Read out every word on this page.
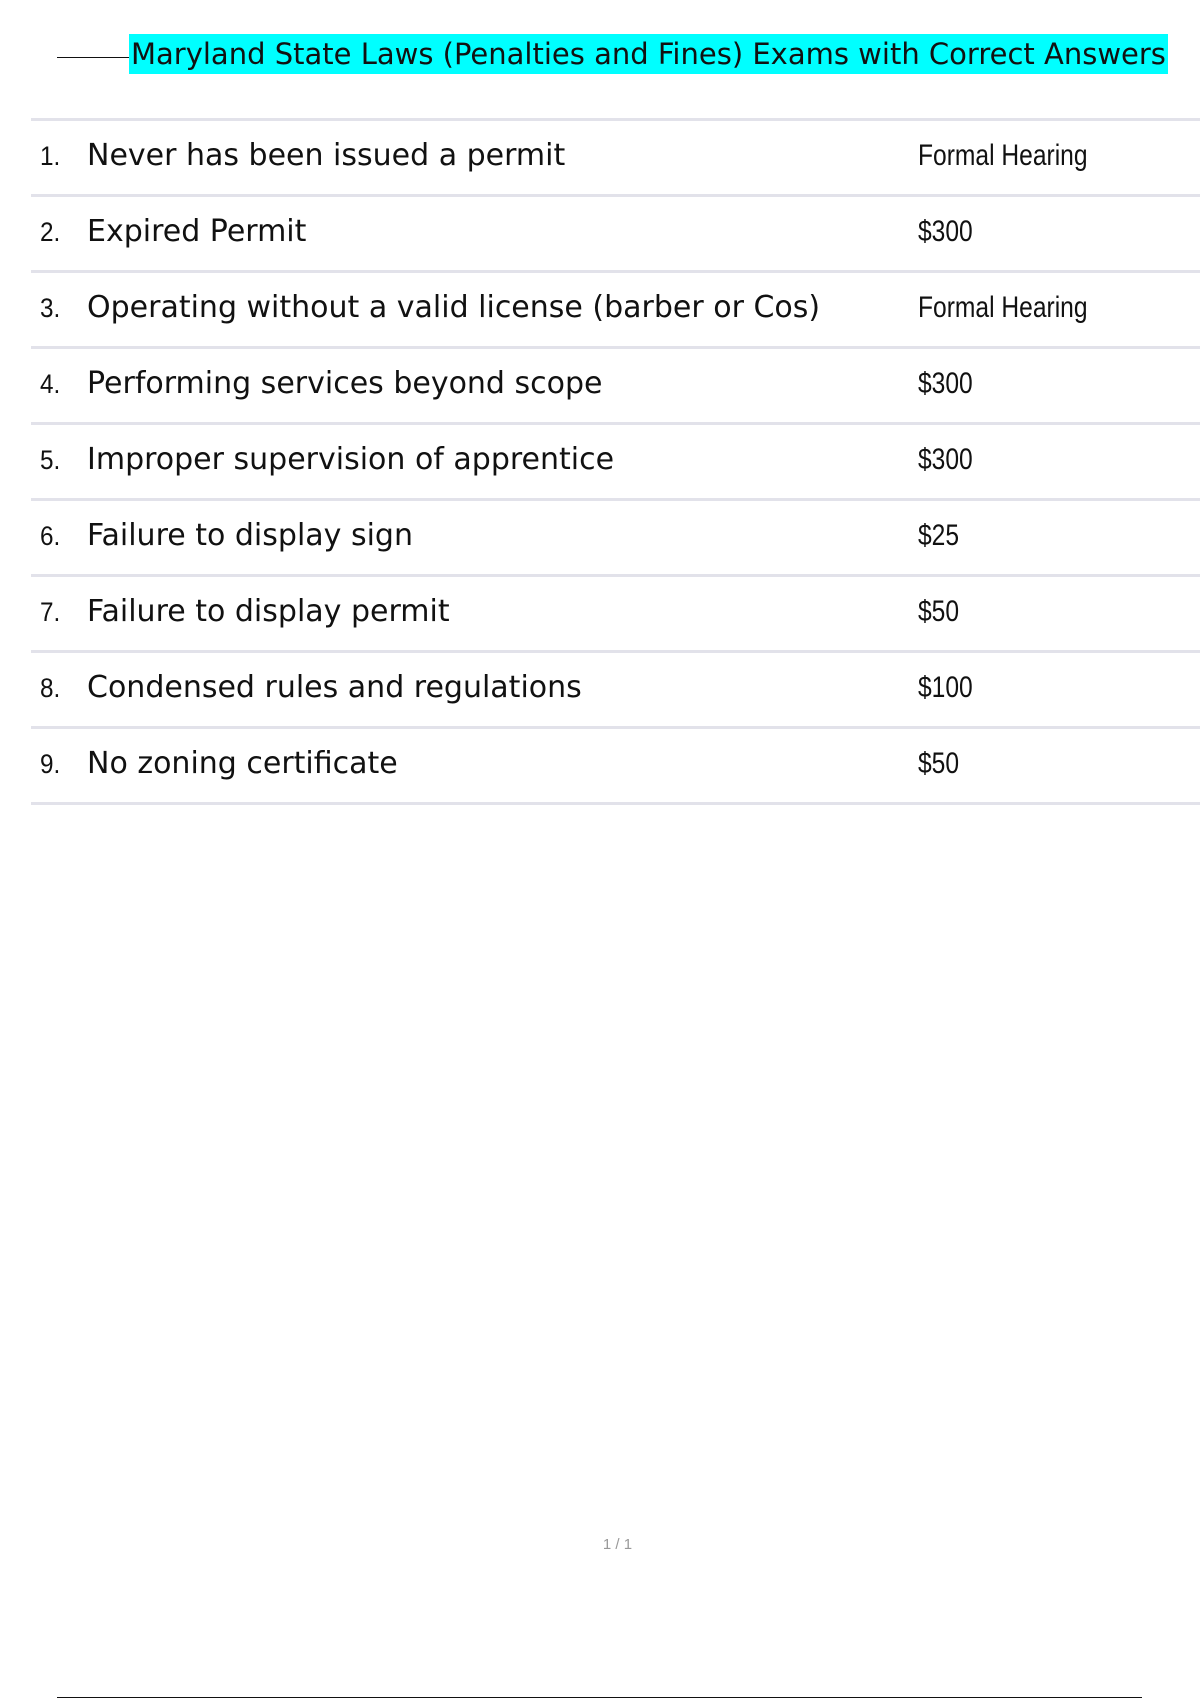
Maryland State Laws (Penalties and Fines) Exams with Correct Answers
1. Never has been issued a permit	Formal Hearing
2. Expired Permit	$300
3. Operating without a valid license (barber or Cos)	Formal Hearing
4. Performing services beyond scope	$300
5. Improper supervision of apprentice	$300
6. Failure to display sign	$25
7. Failure to display permit	$50
8. Condensed rules and regulations	$100
9. No zoning certificate	$50
1 / 1
